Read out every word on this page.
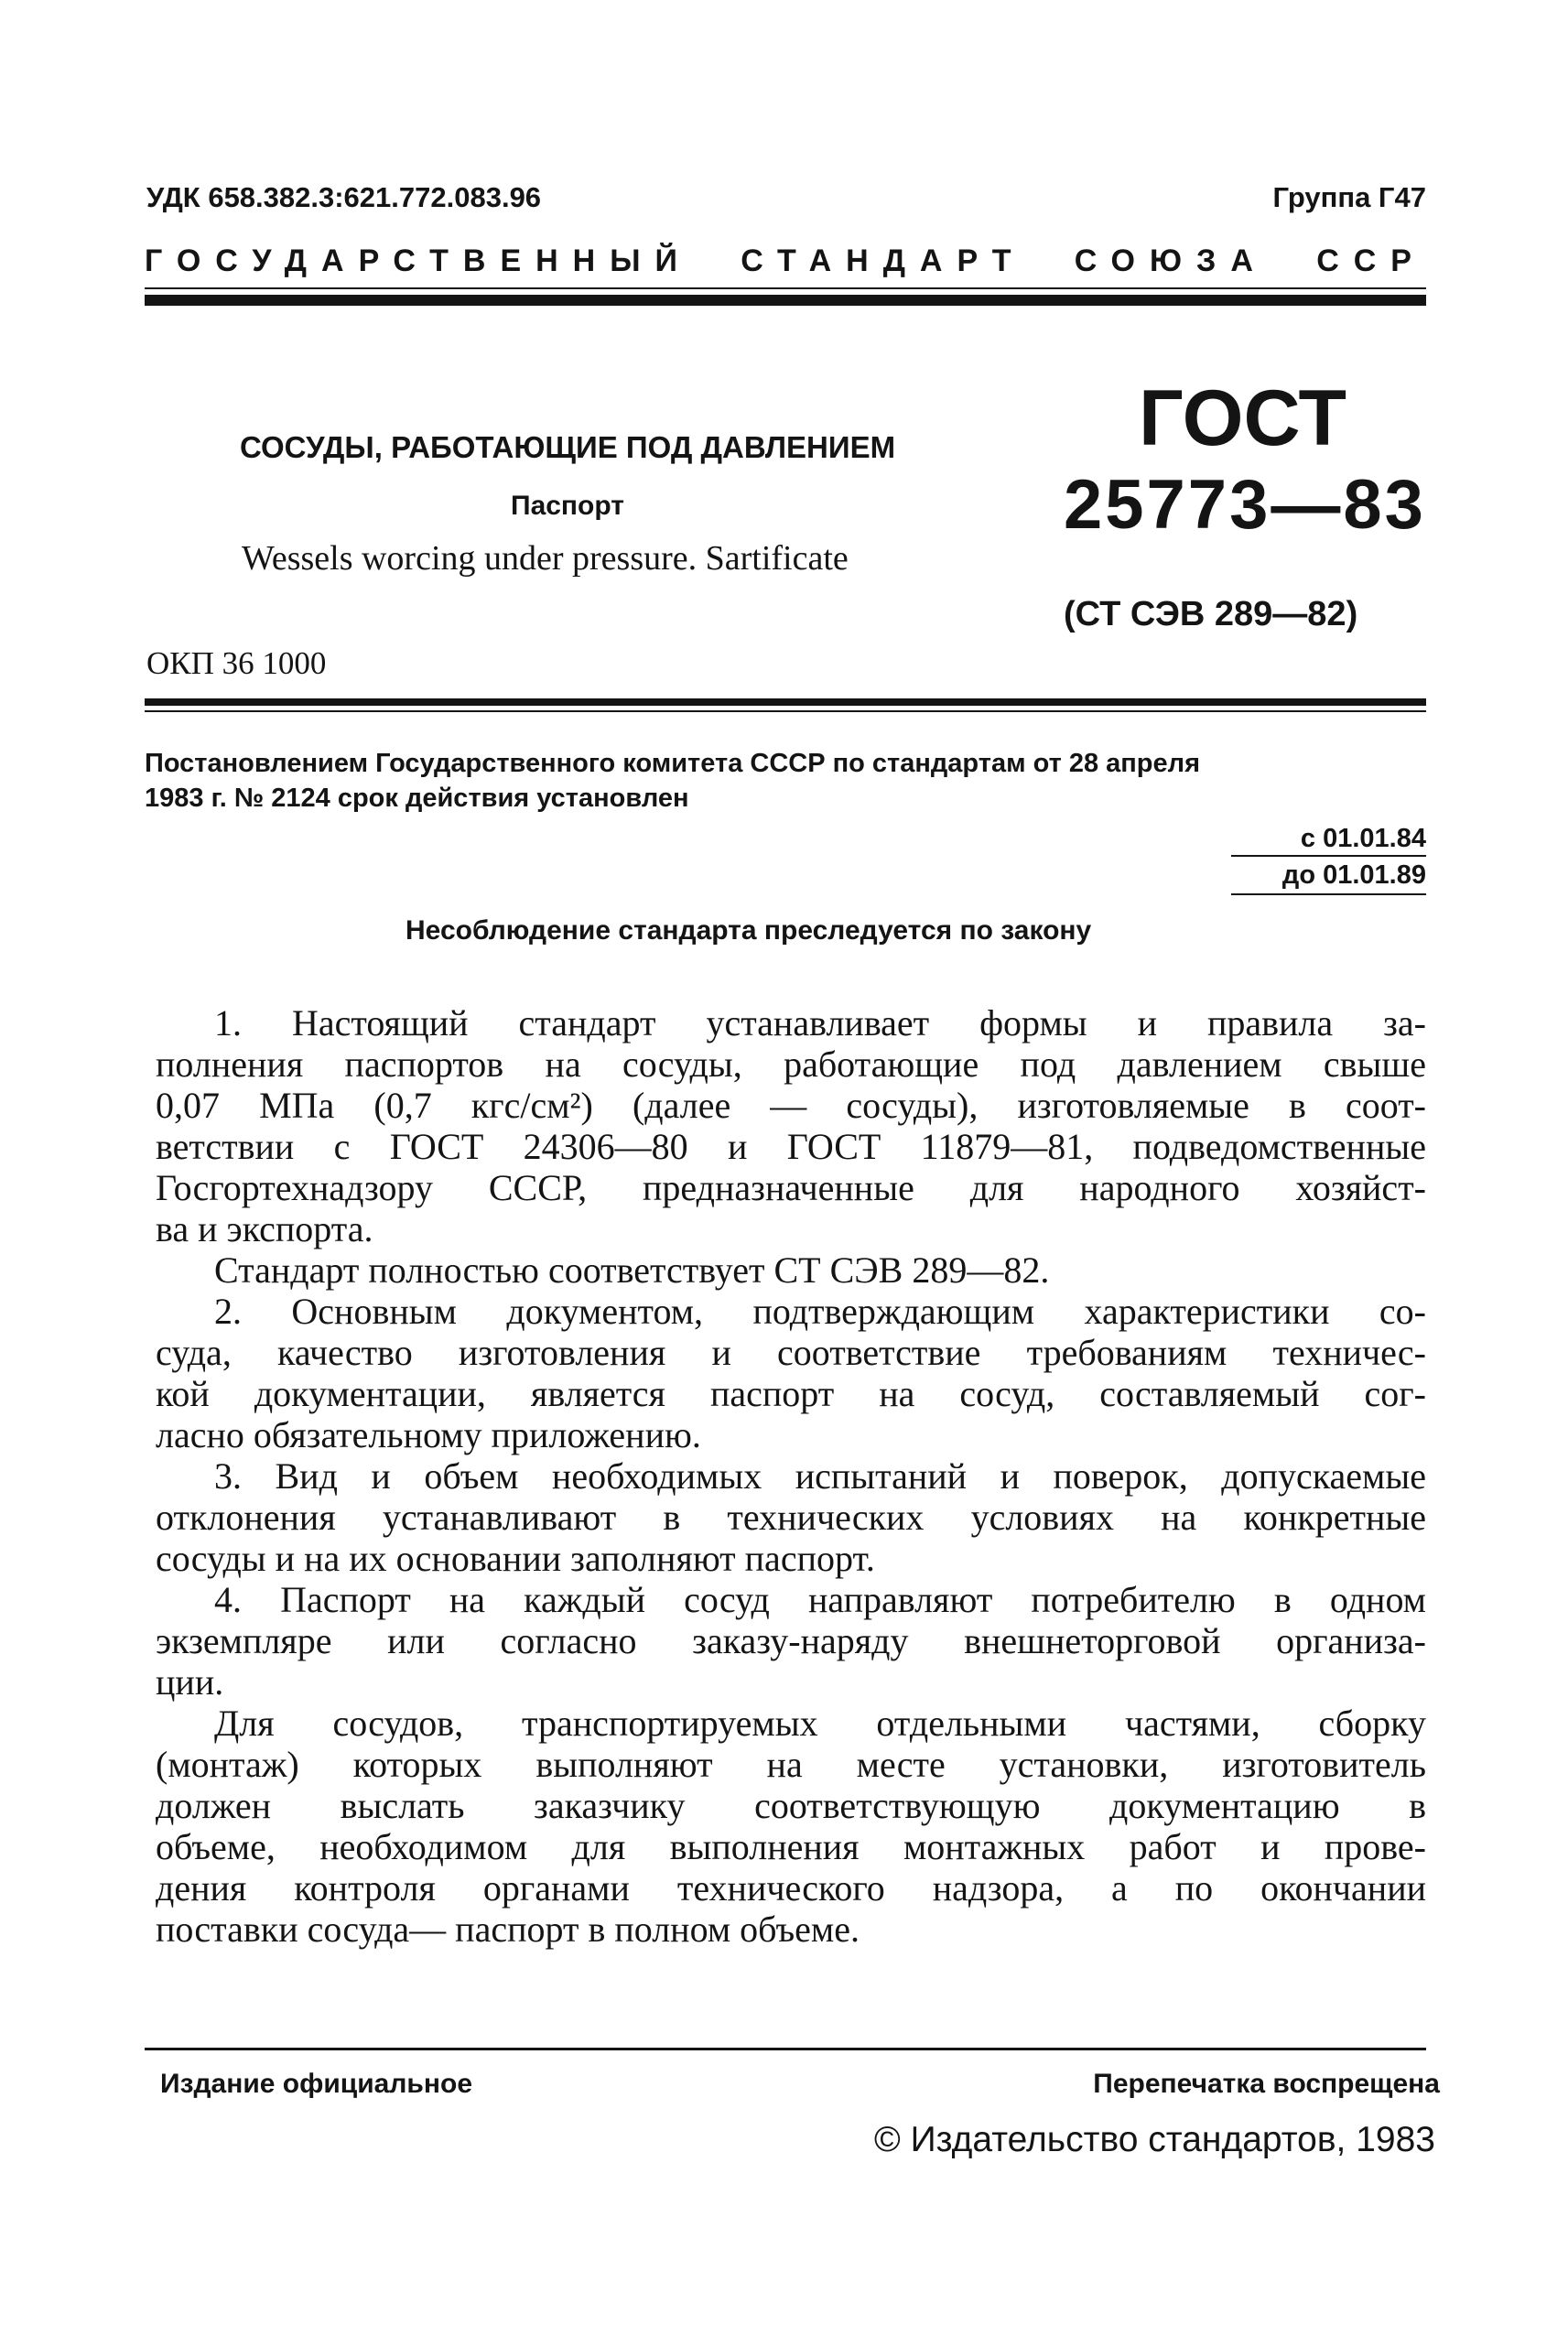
УДК 658.382.3:621.772.083.96	Группа Г47
ГОСУДАРСТВЕННЫЙ СТАНДАРТ СОЮЗА ССР
СОСУДЫ, РАБОТАЮЩИЕ ПОД ДАВЛЕНИЕМ
Паспорт
Wessels worcing under pressure. Sartificate
ОКП 36 1000
ГОСТ
25773—83
(СТ СЭВ 289—82)
Постановлением Государственного комитета СССР по стандартам от 28 апреля
1983 г. № 2124 срок действия установлен
с 01.01.84
до 01.01.89
Несоблюдение стандарта преследуется по закону
1. Настоящий стандарт устанавливает формы и правила за-
полнения паспортов на сосуды, работающие под давлением свыше
0,07 МПа (0,7 кгс/см²) (далее — сосуды), изготовляемые в соот-
ветствии с ГОСТ 24306—80 и ГОСТ 11879—81, подведомственные
Госгортехнадзору СССР, предназначенные для народного хозяйст-
ва и экспорта.
Стандарт полностью соответствует СТ СЭВ 289—82.
2. Основным документом, подтверждающим характеристики со-
суда, качество изготовления и соответствие требованиям техничес-
кой документации, является паспорт на сосуд, составляемый сог-
ласно обязательному приложению.
3. Вид и объем необходимых испытаний и поверок, допускаемые
отклонения устанавливают в технических условиях на конкретные
сосуды и на их основании заполняют паспорт.
4. Паспорт на каждый сосуд направляют потребителю в одном
экземпляре или согласно заказу-наряду внешнеторговой организа-
ции.
Для сосудов, транспортируемых отдельными частями, сборку
(монтаж) которых выполняют на месте установки, изготовитель
должен выслать заказчику соответствующую документацию в
объеме, необходимом для выполнения монтажных работ и прове-
дения контроля органами технического надзора, а по окончании
поставки сосуда— паспорт в полном объеме.
Издание официальное	Перепечатка воспрещена
© Издательство стандартов, 1983
